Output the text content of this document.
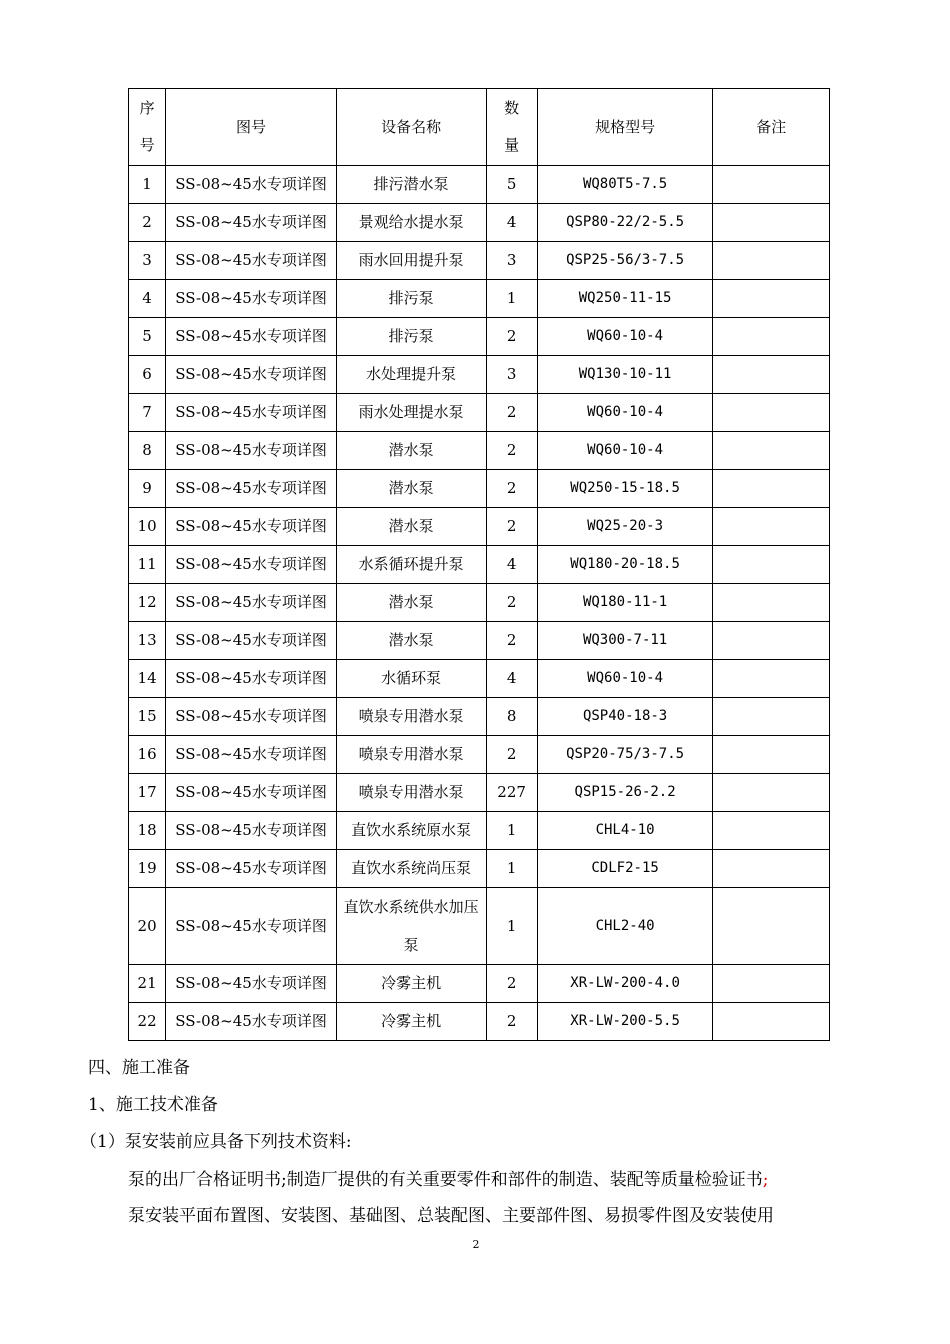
序号	图号	设备名称	数量	规格型号	备注
1	SS-08~45水专项详图	排污潜水泵	5	WQ80T5-7.5	
2	SS-08~45水专项详图	景观给水提水泵	4	QSP80-22/2-5.5	
3	SS-08~45水专项详图	雨水回用提升泵	3	QSP25-56/3-7.5	
4	SS-08~45水专项详图	排污泵	1	WQ250-11-15	
5	SS-08~45水专项详图	排污泵	2	WQ60-10-4	
6	SS-08~45水专项详图	水处理提升泵	3	WQ130-10-11	
7	SS-08~45水专项详图	雨水处理提水泵	2	WQ60-10-4	
8	SS-08~45水专项详图	潜水泵	2	WQ60-10-4	
9	SS-08~45水专项详图	潜水泵	2	WQ250-15-18.5	
10	SS-08~45水专项详图	潜水泵	2	WQ25-20-3	
11	SS-08~45水专项详图	水系循环提升泵	4	WQ180-20-18.5	
12	SS-08~45水专项详图	潜水泵	2	WQ180-11-1	
13	SS-08~45水专项详图	潜水泵	2	WQ300-7-11	
14	SS-08~45水专项详图	水循环泵	4	WQ60-10-4	
15	SS-08~45水专项详图	喷泉专用潜水泵	8	QSP40-18-3	
16	SS-08~45水专项详图	喷泉专用潜水泵	2	QSP20-75/3-7.5	
17	SS-08~45水专项详图	喷泉专用潜水泵	227	QSP15-26-2.2	
18	SS-08~45水专项详图	直饮水系统原水泵	1	CHL4-10	
19	SS-08~45水专项详图	直饮水系统尚压泵	1	CDLF2-15	
20	SS-08~45水专项详图	直饮水系统供水加压泵	1	CHL2-40	
21	SS-08~45水专项详图	冷雾主机	2	XR-LW-200-4.0	
22	SS-08~45水专项详图	冷雾主机	2	XR-LW-200-5.5	
四、施工准备
1、施工技术准备
（1）泵安装前应具备下列技术资料:
泵的出厂合格证明书;制造厂提供的有关重要零件和部件的制造、装配等质量检验证书;
泵安装平面布置图、安装图、基础图、总装配图、主要部件图、易损零件图及安装使用
2
